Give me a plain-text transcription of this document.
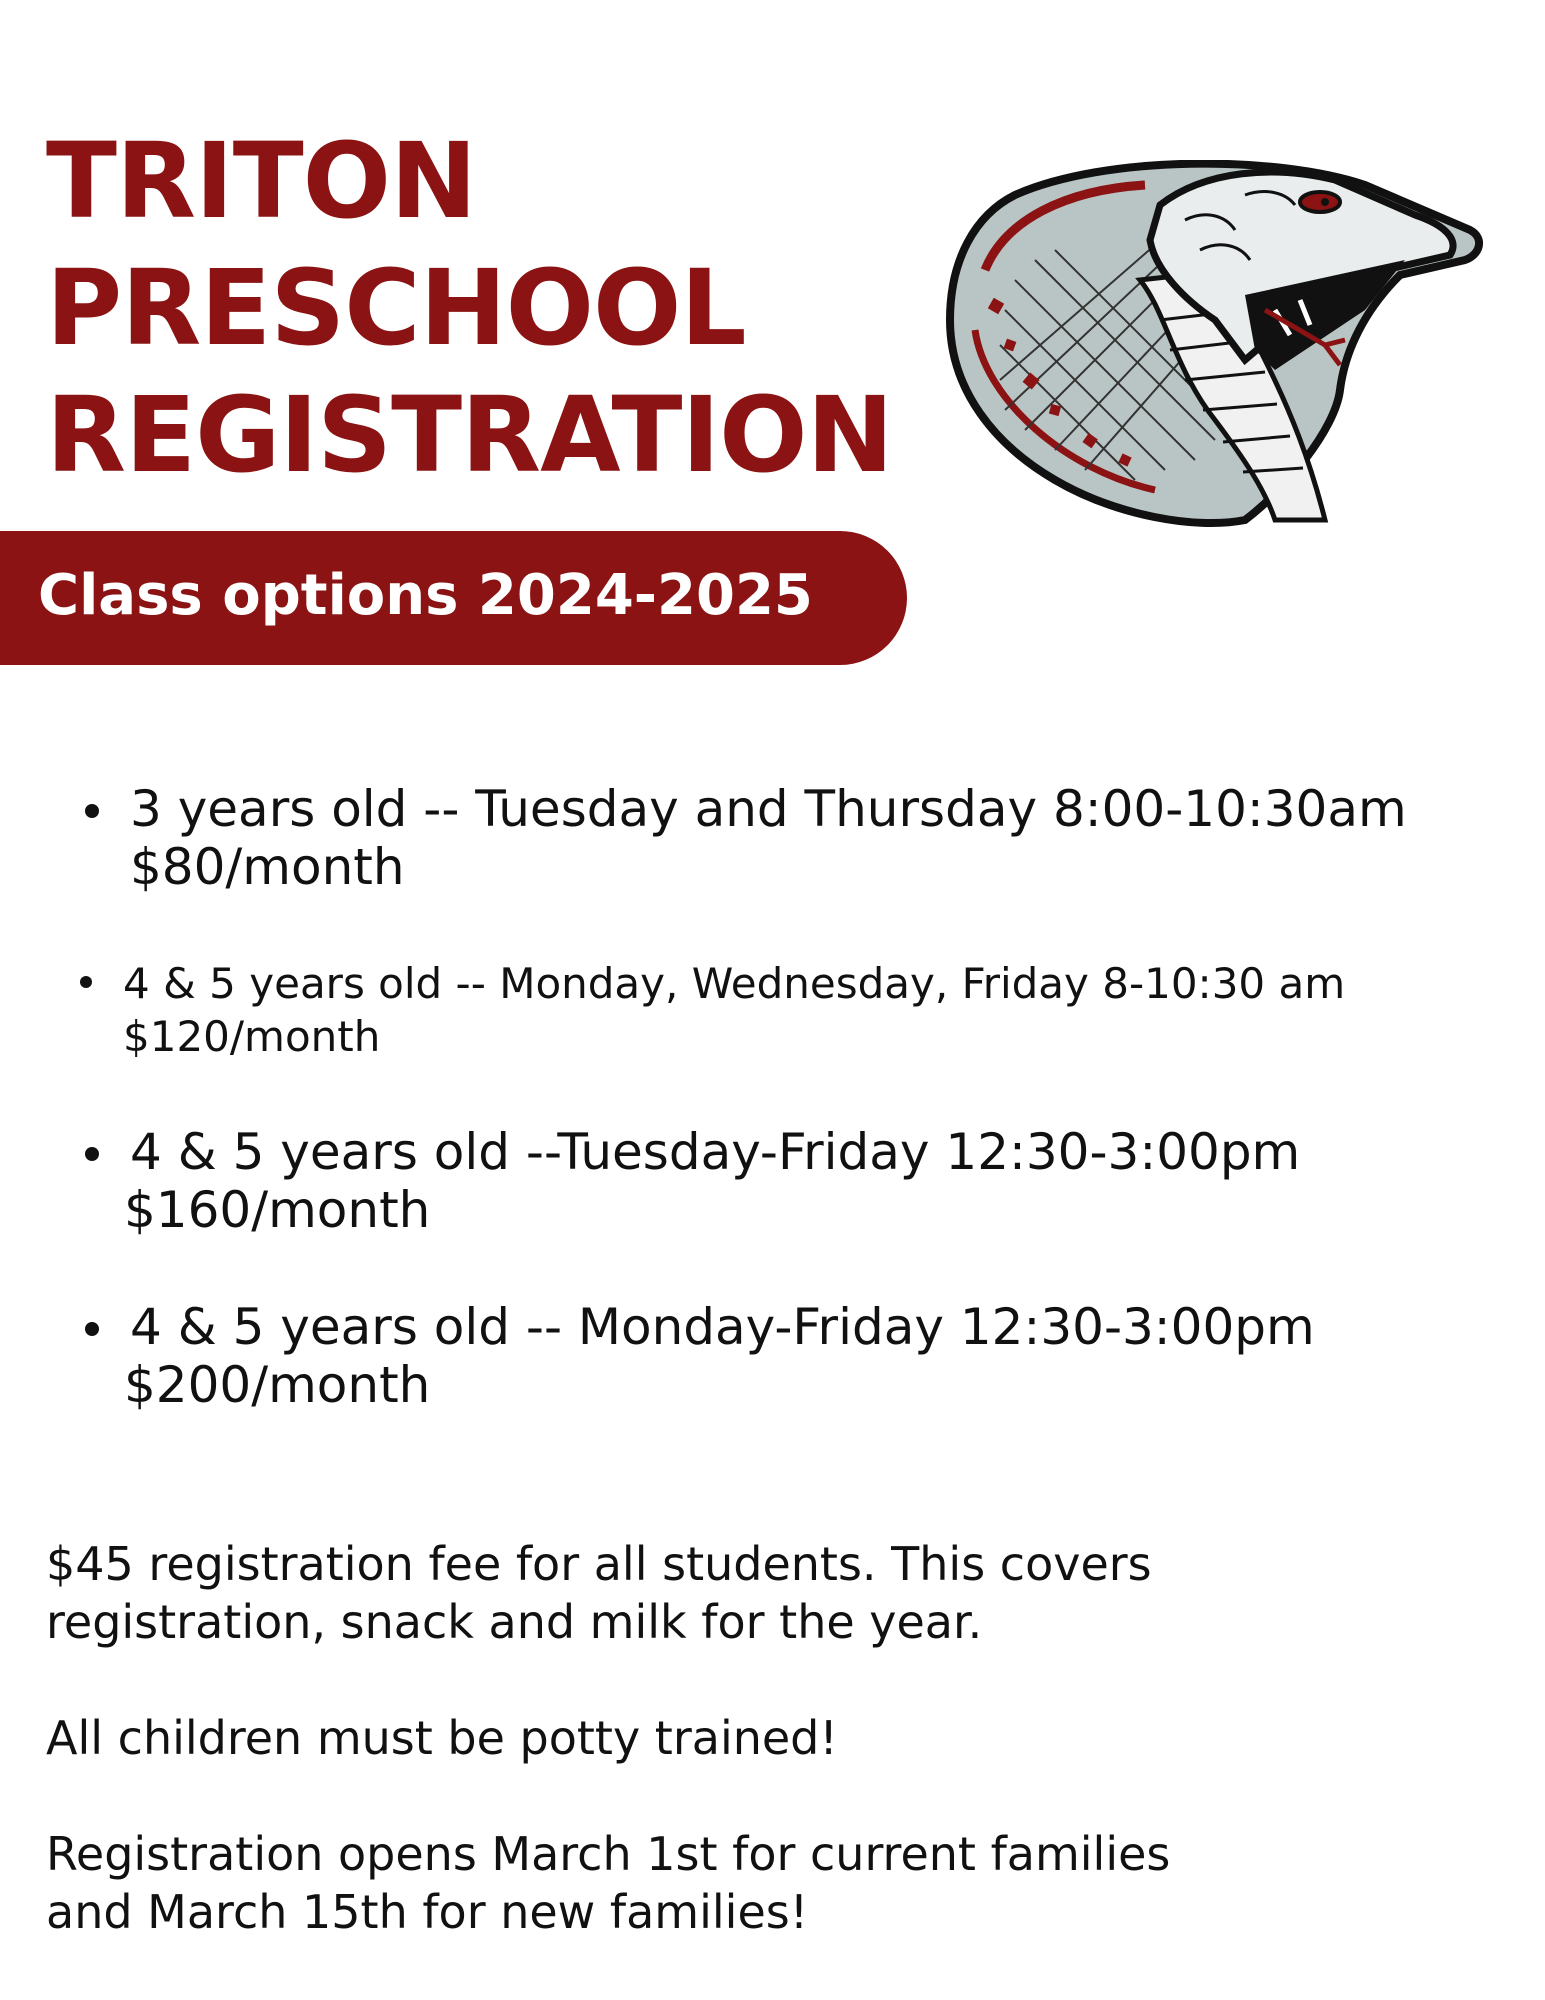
TRITON
PRESCHOOL
REGISTRATION
Class options 2024-2025
3 years old -- Tuesday and Thursday 8:00-10:30am
$80/month
4 & 5 years old -- Monday, Wednesday, Friday 8-10:30 am
$120/month
4 & 5 years old --Tuesday-Friday 12:30-3:00pm
$160/month
4 & 5 years old -- Monday-Friday 12:30-3:00pm
$200/month
$45 registration fee for all students. This covers
registration, snack and milk for the year.
All children must be potty trained!
Registration opens March 1st for current families
and March 15th for new families!
